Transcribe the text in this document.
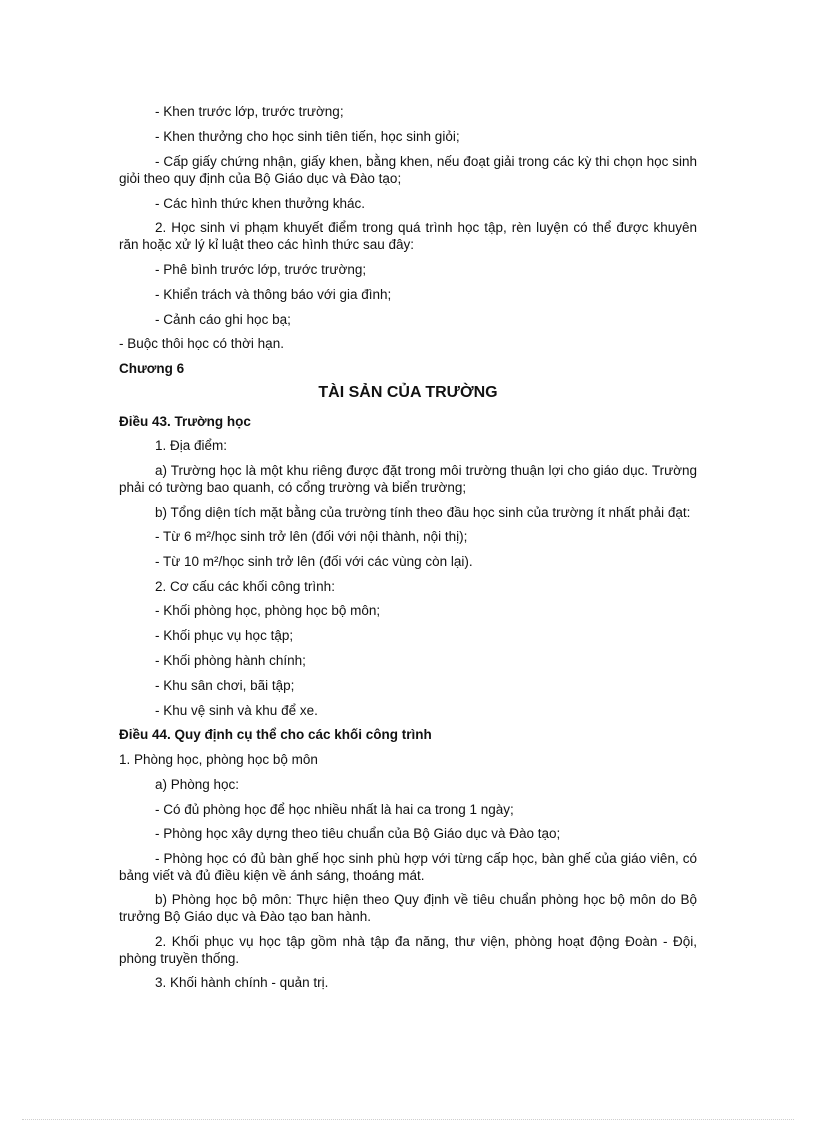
- Khen trước lớp, trước trường;

- Khen thưởng cho học sinh tiên tiến, học sinh giỏi;

- Cấp giấy chứng nhận, giấy khen, bằng khen, nếu đoạt giải trong các kỳ thi chọn học sinh giỏi theo quy định của Bộ Giáo dục và Đào tạo;

- Các hình thức khen thưởng khác.

2. Học sinh vi phạm khuyết điểm trong quá trình học tập, rèn luyện có thể được khuyên răn hoặc xử lý kỉ luật theo các hình thức sau đây:

- Phê bình trước lớp, trước trường;

- Khiển trách và thông báo với gia đình;

- Cảnh cáo ghi học bạ;

- Buộc thôi học có thời hạn.

Chương 6

TÀI SẢN CỦA TRƯỜNG

Điều 43. Trường học

1. Địa điểm:

a) Trường học là một khu riêng được đặt trong môi trường thuận lợi cho giáo dục. Trường phải có tường bao quanh, có cổng trường và biển trường;

b) Tổng diện tích mặt bằng của trường tính theo đầu học sinh của trường ít nhất phải đạt:

- Từ 6 m²/học sinh trở lên (đối với nội thành, nội thị);

- Từ 10 m²/học sinh trở lên (đối với các vùng còn lại).

2. Cơ cấu các khối công trình:

- Khối phòng học, phòng học bộ môn;

- Khối phục vụ học tập;

- Khối phòng hành chính;

- Khu sân chơi, bãi tập;

- Khu vệ sinh và khu để xe.

Điều 44. Quy định cụ thể cho các khối công trình

1. Phòng học, phòng học bộ môn

a) Phòng học:

- Có đủ phòng học để học nhiều nhất là hai ca trong 1 ngày;

- Phòng học xây dựng theo tiêu chuẩn của Bộ Giáo dục và Đào tạo;

- Phòng học có đủ bàn ghế học sinh phù hợp với từng cấp học, bàn ghế của giáo viên, có bảng viết và đủ điều kiện về ánh sáng, thoáng mát.

b) Phòng học bộ môn: Thực hiện theo Quy định về tiêu chuẩn phòng học bộ môn do Bộ trưởng Bộ Giáo dục và Đào tạo ban hành.

2. Khối phục vụ học tập gồm nhà tập đa năng, thư viện, phòng hoạt động Đoàn - Đội, phòng truyền thống.

3. Khối hành chính - quản trị.
